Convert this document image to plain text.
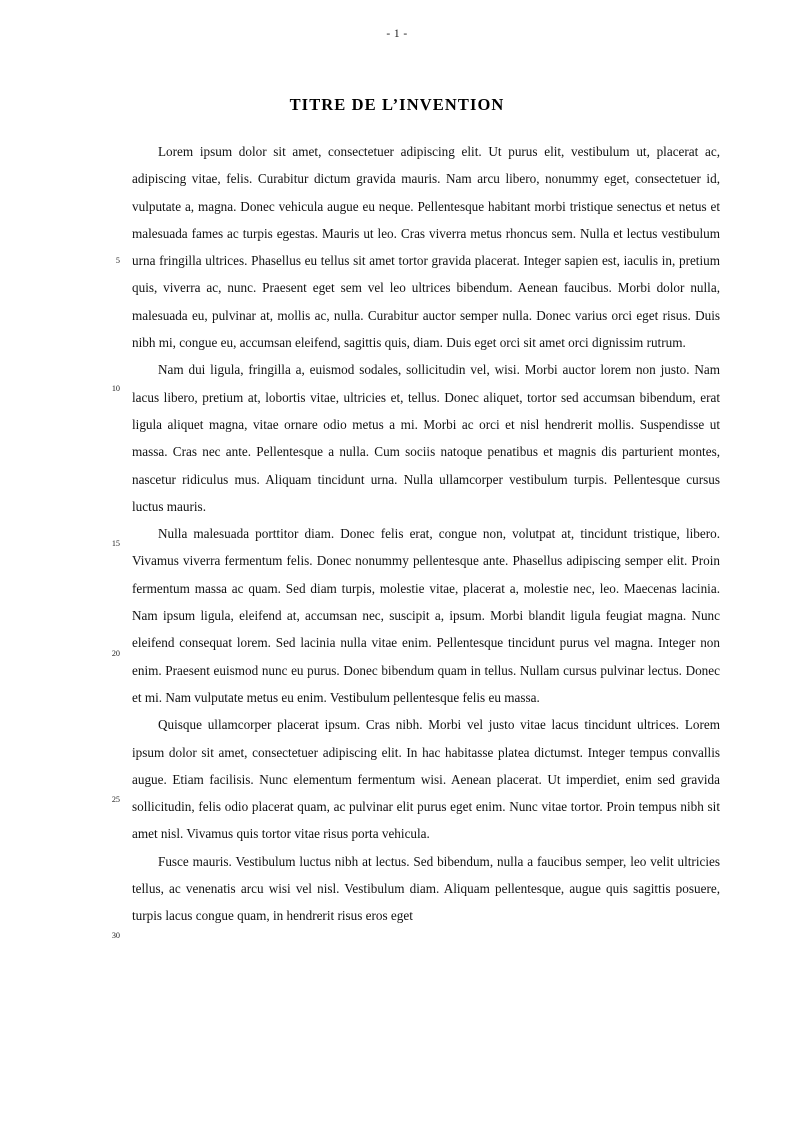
- 1 -
TITRE DE L’INVENTION
5
10
15
20
25
30

Lorem ipsum dolor sit amet, consectetuer adipiscing elit. Ut purus elit, vestibulum ut, placerat ac, adipiscing vitae, felis. Curabitur dictum gravida mauris. Nam arcu libero, nonummy eget, consectetuer id, vulputate a, magna. Donec vehicula augue eu neque. Pellentesque habitant morbi tristique senectus et netus et malesuada fames ac turpis egestas. Mauris ut leo. Cras viverra metus rhoncus sem. Nulla et lectus vestibulum urna fringilla ultrices. Phasellus eu tellus sit amet tortor gravida placerat. Integer sapien est, iaculis in, pretium quis, viverra ac, nunc. Praesent eget sem vel leo ultrices bibendum. Aenean faucibus. Morbi dolor nulla, malesuada eu, pulvinar at, mollis ac, nulla. Curabitur auctor semper nulla. Donec varius orci eget risus. Duis nibh mi, congue eu, accumsan eleifend, sagittis quis, diam. Duis eget orci sit amet orci dignissim rutrum.

Nam dui ligula, fringilla a, euismod sodales, sollicitudin vel, wisi. Morbi auctor lorem non justo. Nam lacus libero, pretium at, lobortis vitae, ultricies et, tellus. Donec aliquet, tortor sed accumsan bibendum, erat ligula aliquet magna, vitae ornare odio metus a mi. Morbi ac orci et nisl hendrerit mollis. Suspendisse ut massa. Cras nec ante. Pellentesque a nulla. Cum sociis natoque penatibus et magnis dis parturient montes, nascetur ridiculus mus. Aliquam tincidunt urna. Nulla ullamcorper vestibulum turpis. Pellentesque cursus luctus mauris.

Nulla malesuada porttitor diam. Donec felis erat, congue non, volutpat at, tincidunt tristique, libero. Vivamus viverra fermentum felis. Donec nonummy pellentesque ante. Phasellus adipiscing semper elit. Proin fermentum massa ac quam. Sed diam turpis, molestie vitae, placerat a, molestie nec, leo. Maecenas lacinia. Nam ipsum ligula, eleifend at, accumsan nec, suscipit a, ipsum. Morbi blandit ligula feugiat magna. Nunc eleifend consequat lorem. Sed lacinia nulla vitae enim. Pellentesque tincidunt purus vel magna. Integer non enim. Praesent euismod nunc eu purus. Donec bibendum quam in tellus. Nullam cursus pulvinar lectus. Donec et mi. Nam vulputate metus eu enim. Vestibulum pellentesque felis eu massa.

Quisque ullamcorper placerat ipsum. Cras nibh. Morbi vel justo vitae lacus tincidunt ultrices. Lorem ipsum dolor sit amet, consectetuer adipiscing elit. In hac habitasse platea dictumst. Integer tempus convallis augue. Etiam facilisis. Nunc elementum fermentum wisi. Aenean placerat. Ut imperdiet, enim sed gravida sollicitudin, felis odio placerat quam, ac pulvinar elit purus eget enim. Nunc vitae tortor. Proin tempus nibh sit amet nisl. Vivamus quis tortor vitae risus porta vehicula.

Fusce mauris. Vestibulum luctus nibh at lectus. Sed bibendum, nulla a faucibus semper, leo velit ultricies tellus, ac venenatis arcu wisi vel nisl. Vestibulum diam. Aliquam pellentesque, augue quis sagittis posuere, turpis lacus congue quam, in hendrerit risus eros eget
